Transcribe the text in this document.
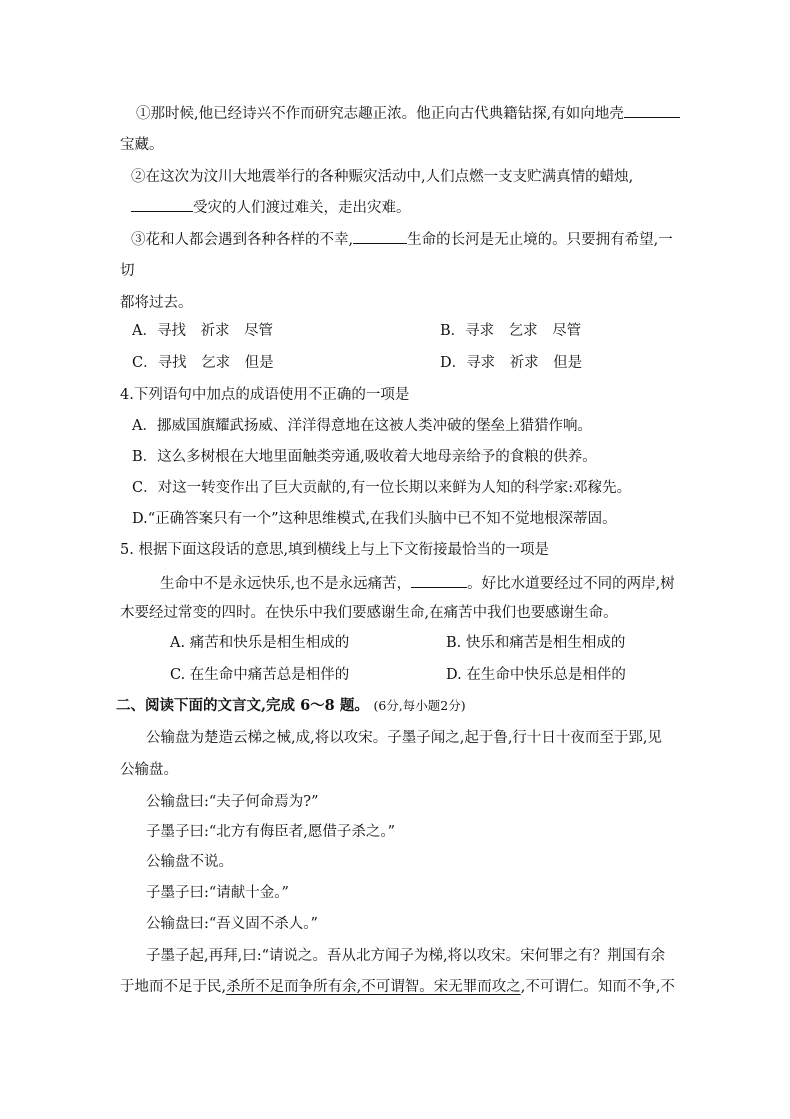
①那时候,他已经诗兴不作而研究志趣正浓。他正向古代典籍钻探,有如向地壳
宝藏。
②在这次为汶川大地震举行的各种赈灾活动中,人们点燃一支支贮满真情的蜡烛,
受灾的人们渡过难关，走出灾难。
③花和人都会遇到各种各样的不幸,	生命的长河是无止境的。只要拥有希望,一
切
都将过去。
A．寻找　祈求　尽管	B．寻求　乞求　尽管
C．寻找　乞求　但是	D．寻求　祈求　但是
4.下列语句中加点的成语使用不正确的一项是
A．挪威国旗耀武扬威、洋洋得意地在这被人类冲破的堡垒上猎猎作响。
B．这么多树根在大地里面触类旁通,吸收着大地母亲给予的食粮的供养。
C．对这一转变作出了巨大贡献的,有一位长期以来鲜为人知的科学家:邓稼先。
D.“正确答案只有一个”这种思维模式,在我们头脑中已不知不觉地根深蒂固。
5. 根据下面这段话的意思,填到横线上与上下文衔接最恰当的一项是
生命中不是永远快乐,也不是永远痛苦，	。好比水道要经过不同的两岸,树
木要经过常变的四时。在快乐中我们要感谢生命,在痛苦中我们也要感谢生命。
A. 痛苦和快乐是相生相成的	B. 快乐和痛苦是相生相成的
C. 在生命中痛苦总是相伴的	D. 在生命中快乐总是相伴的
二、阅读下面的文言文,完成 6～8 题。 (6分,每小题2分)
公输盘为楚造云梯之械,成,将以攻宋。子墨子闻之,起于鲁,行十日十夜而至于郢,见
公输盘。
公输盘曰:“夫子何命焉为?”
子墨子曰:“北方有侮臣者,愿借子杀之。”
公输盘不说。
子墨子曰:“请献十金。”
公输盘曰:“吾义固不杀人。”
子墨子起,再拜,曰:“请说之。吾从北方闻子为梯,将以攻宋。宋何罪之有？荆国有余
于地而不足于民,杀所不足而争所有余,不可谓智。宋无罪而攻之,不可谓仁。知而不争,不
